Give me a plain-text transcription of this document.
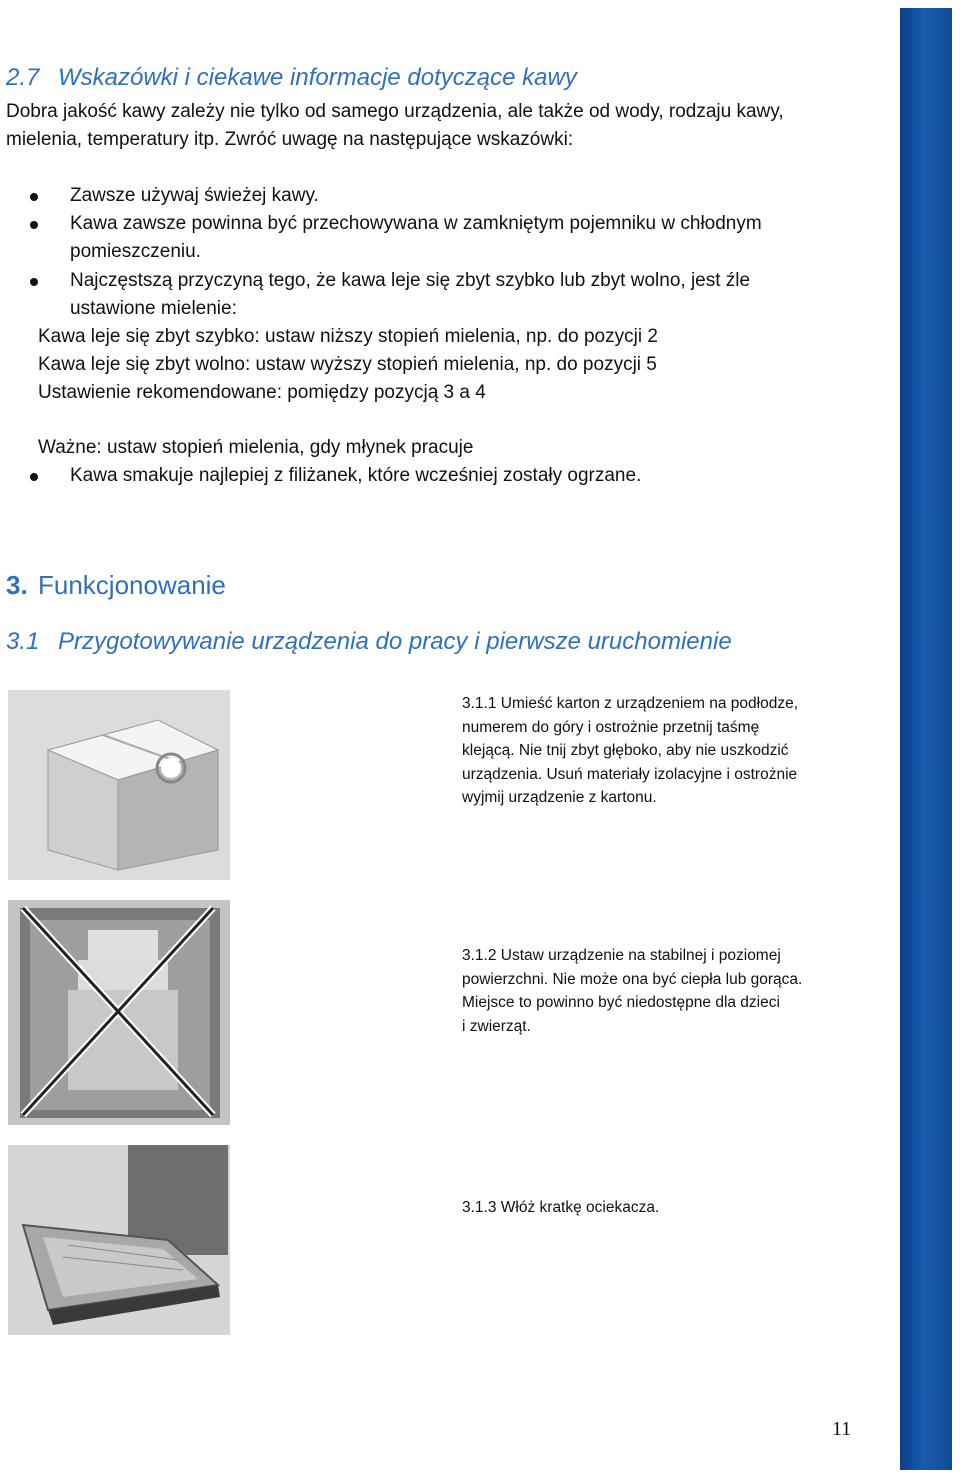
2.7 Wskazówki i ciekawe informacje dotyczące kawy
Dobra jakość kawy zależy nie tylko od samego urządzenia, ale także od wody, rodzaju kawy,
mielenia, temperatury itp. Zwróć uwagę na następujące wskazówki:
Zawsze używaj świeżej kawy.
Kawa zawsze powinna być przechowywana w zamkniętym pojemniku w chłodnym
pomieszczeniu.
Najczęstszą przyczyną tego, że kawa leje się zbyt szybko lub zbyt wolno, jest źle
ustawione mielenie:
Kawa leje się zbyt szybko: ustaw niższy stopień mielenia, np. do pozycji 2
Kawa leje się zbyt wolno: ustaw wyższy stopień mielenia, np. do pozycji 5
Ustawienie rekomendowane: pomiędzy pozycją 3 a 4
Ważne: ustaw stopień mielenia, gdy młynek pracuje
Kawa smakuje najlepiej z filiżanek, które wcześniej zostały ogrzane.
3. Funkcjonowanie
3.1 Przygotowywanie urządzenia do pracy i pierwsze uruchomienie
3.1.1 Umieść karton z urządzeniem na podłodze,
numerem do góry i ostrożnie przetnij taśmę
klejącą. Nie tnij zbyt głęboko, aby nie uszkodzić
urządzenia. Usuń materiały izolacyjne i ostrożnie
wyjmij urządzenie z kartonu.
3.1.2 Ustaw urządzenie na stabilnej i poziomej
powierzchni. Nie może ona być ciepła lub gorąca.
Miejsce to powinno być niedostępne dla dzieci
i zwierząt.
3.1.3 Włóż kratkę ociekacza.
11
